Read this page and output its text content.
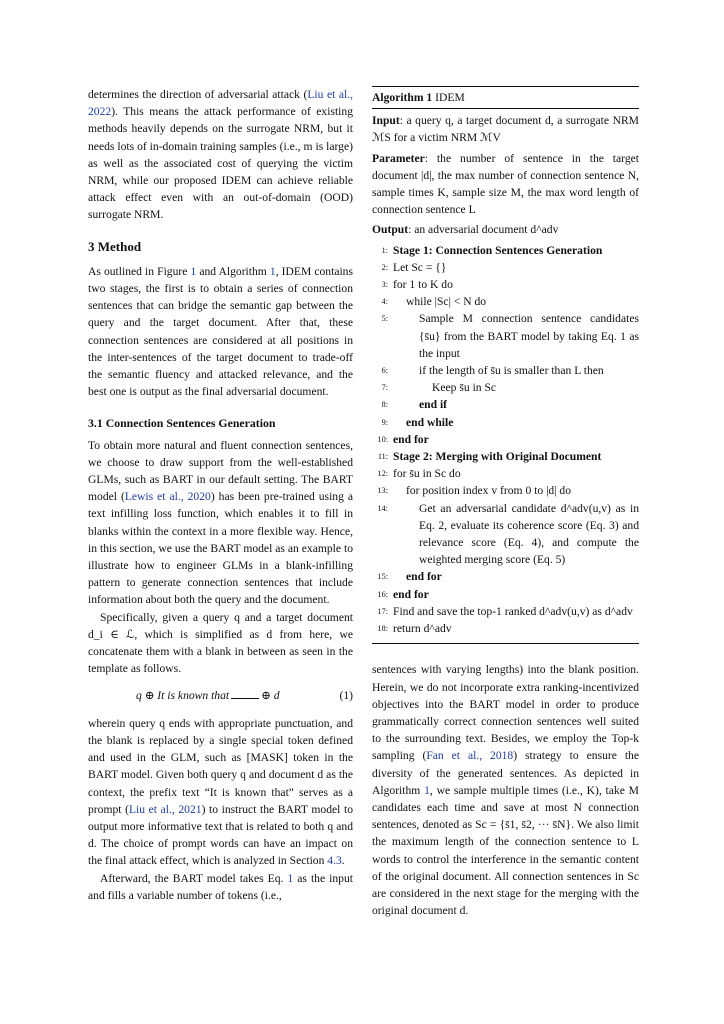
determines the direction of adversarial attack (Liu et al., 2022). This means the attack performance of existing methods heavily depends on the surrogate NRM, but it needs lots of in-domain training samples (i.e., m is large) as well as the associated cost of querying the victim NRM, while our proposed IDEM can achieve reliable attack effect even with an out-of-domain (OOD) surrogate NRM.

3 Method

As outlined in Figure 1 and Algorithm 1, IDEM contains two stages, the first is to obtain a series of connection sentences that can bridge the semantic gap between the query and the target document. After that, these connection sentences are considered at all positions in the inter-sentences of the target document to trade-off the semantic fluency and attacked relevance, and the best one is output as the final adversarial document.

3.1 Connection Sentences Generation

To obtain more natural and fluent connection sentences, we choose to draw support from the well-established GLMs, such as BART in our default setting. The BART model (Lewis et al., 2020) has been pre-trained using a text infilling loss function, which enables it to fill in blanks within the context in a more flexible way. Hence, in this section, we use the BART model as an example to illustrate how to engineer GLMs in a blank-infilling pattern to generate connection sentences that include information about both the query and the document.

Specifically, given a query q and a target document d_i ∈ ℒ, which is simplified as d from here, we concatenate them with a blank in between as seen in the template as follows.

q ⊕ It is known that	⊕ d	(1)

wherein query q ends with appropriate punctuation, and the blank is replaced by a single special token defined and used in the GLM, such as [MASK] token in the BART model. Given both query q and document d as the context, the prefix text “It is known that” serves as a prompt (Liu et al., 2021) to instruct the BART model to output more informative text that is related to both q and d. The choice of prompt words can have an impact on the final attack effect, which is analyzed in Section 4.3.

Afterward, the BART model takes Eq. 1 as the input and fills a variable number of tokens (i.e.,

Algorithm 1 IDEM

Input: a query q, a target document d, a surrogate NRM ℳS for a victim NRM ℳV

Parameter: the number of sentence in the target document |d|, the max number of connection sentence N, sample times K, sample size M, the max word length of connection sentence L

Output: an adversarial document d^adv

1: Stage 1: Connection Sentences Generation
2: Let Sc = {}
3: for 1 to K do
4:	while |Sc| < N do
5:	Sample M connection sentence candidates {s̄u} from the BART model by taking Eq. 1 as the input
6:	if the length of s̄u is smaller than L then
7:	Keep s̄u in Sc
8:	end if
9:	end while
10: end for
11: Stage 2: Merging with Original Document
12: for s̄u in Sc do
13:	for position index v from 0 to |d| do
14:	Get an adversarial candidate d^adv(u,v) as in Eq. 2, evaluate its coherence score (Eq. 3) and relevance score (Eq. 4), and compute the weighted merging score (Eq. 5)
15:	end for
16: end for
17: Find and save the top-1 ranked d^adv(u,v) as d^adv
18: return d^adv

sentences with varying lengths) into the blank position. Herein, we do not incorporate extra ranking-incentivized objectives into the BART model in order to produce grammatically correct connection sentences well suited to the surrounding text. Besides, we employ the Top-k sampling (Fan et al., 2018) strategy to ensure the diversity of the generated sentences. As depicted in Algorithm 1, we sample multiple times (i.e., K), take M candidates each time and save at most N connection sentences, denoted as Sc = {s̄1, s̄2, ··· s̄N}. We also limit the maximum length of the connection sentence to L words to control the interference in the semantic content of the original document. All connection sentences in Sc are considered in the next stage for the merging with the original document d.
